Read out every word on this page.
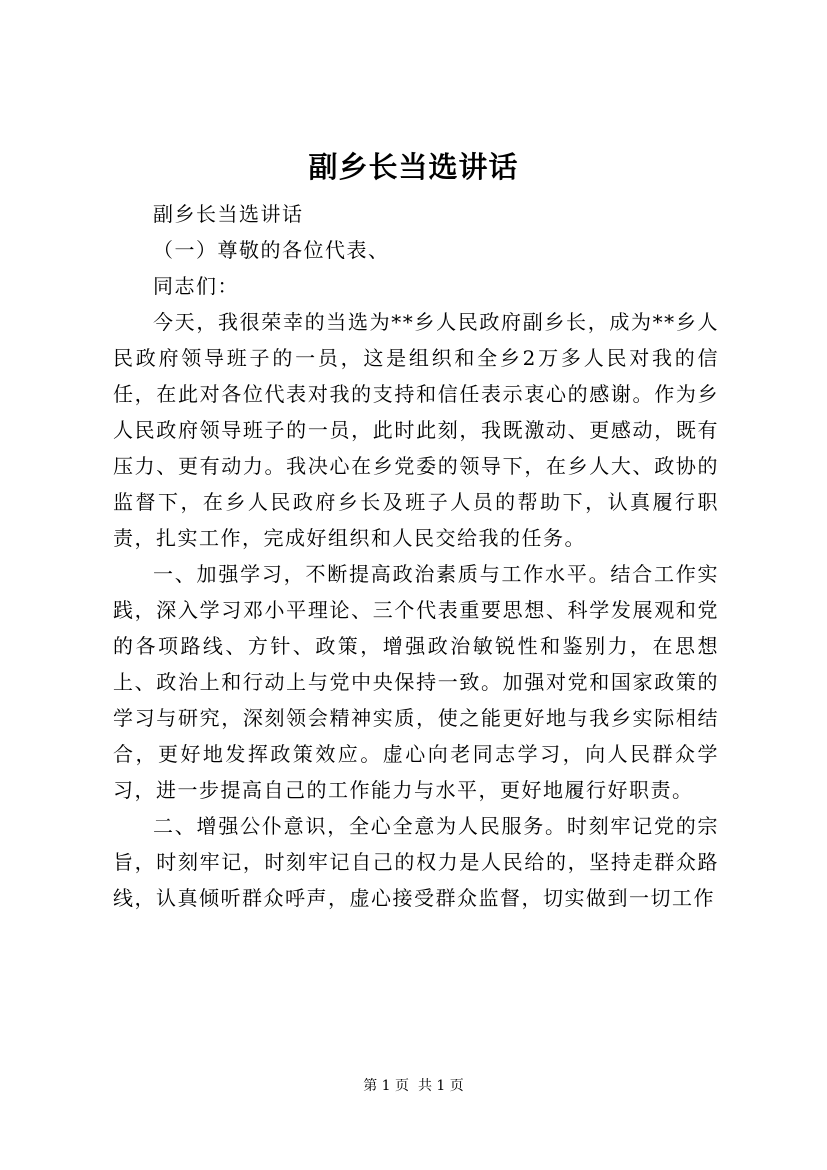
副乡长当选讲话

副乡长当选讲话

（一）尊敬的各位代表、

同志们：

今天，我很荣幸的当选为**乡人民政府副乡长，成为**乡人民政府领导班子的一员，这是组织和全乡2万多人民对我的信任，在此对各位代表对我的支持和信任表示衷心的感谢。作为乡人民政府领导班子的一员，此时此刻，我既激动、更感动，既有压力、更有动力。我决心在乡党委的领导下，在乡人大、政协的监督下，在乡人民政府乡长及班子人员的帮助下，认真履行职责，扎实工作，完成好组织和人民交给我的任务。

一、加强学习，不断提高政治素质与工作水平。结合工作实践，深入学习邓小平理论、三个代表重要思想、科学发展观和党的各项路线、方针、政策，增强政治敏锐性和鉴别力，在思想上、政治上和行动上与党中央保持一致。加强对党和国家政策的学习与研究，深刻领会精神实质，使之能更好地与我乡实际相结合，更好地发挥政策效应。虚心向老同志学习，向人民群众学习，进一步提高自己的工作能力与水平，更好地履行好职责。

二、增强公仆意识，全心全意为人民服务。时刻牢记党的宗旨，时刻牢记，时刻牢记自己的权力是人民给的，坚持走群众路线，认真倾听群众呼声，虚心接受群众监督，切实做到一切工作

第 1 页  共 1 页
